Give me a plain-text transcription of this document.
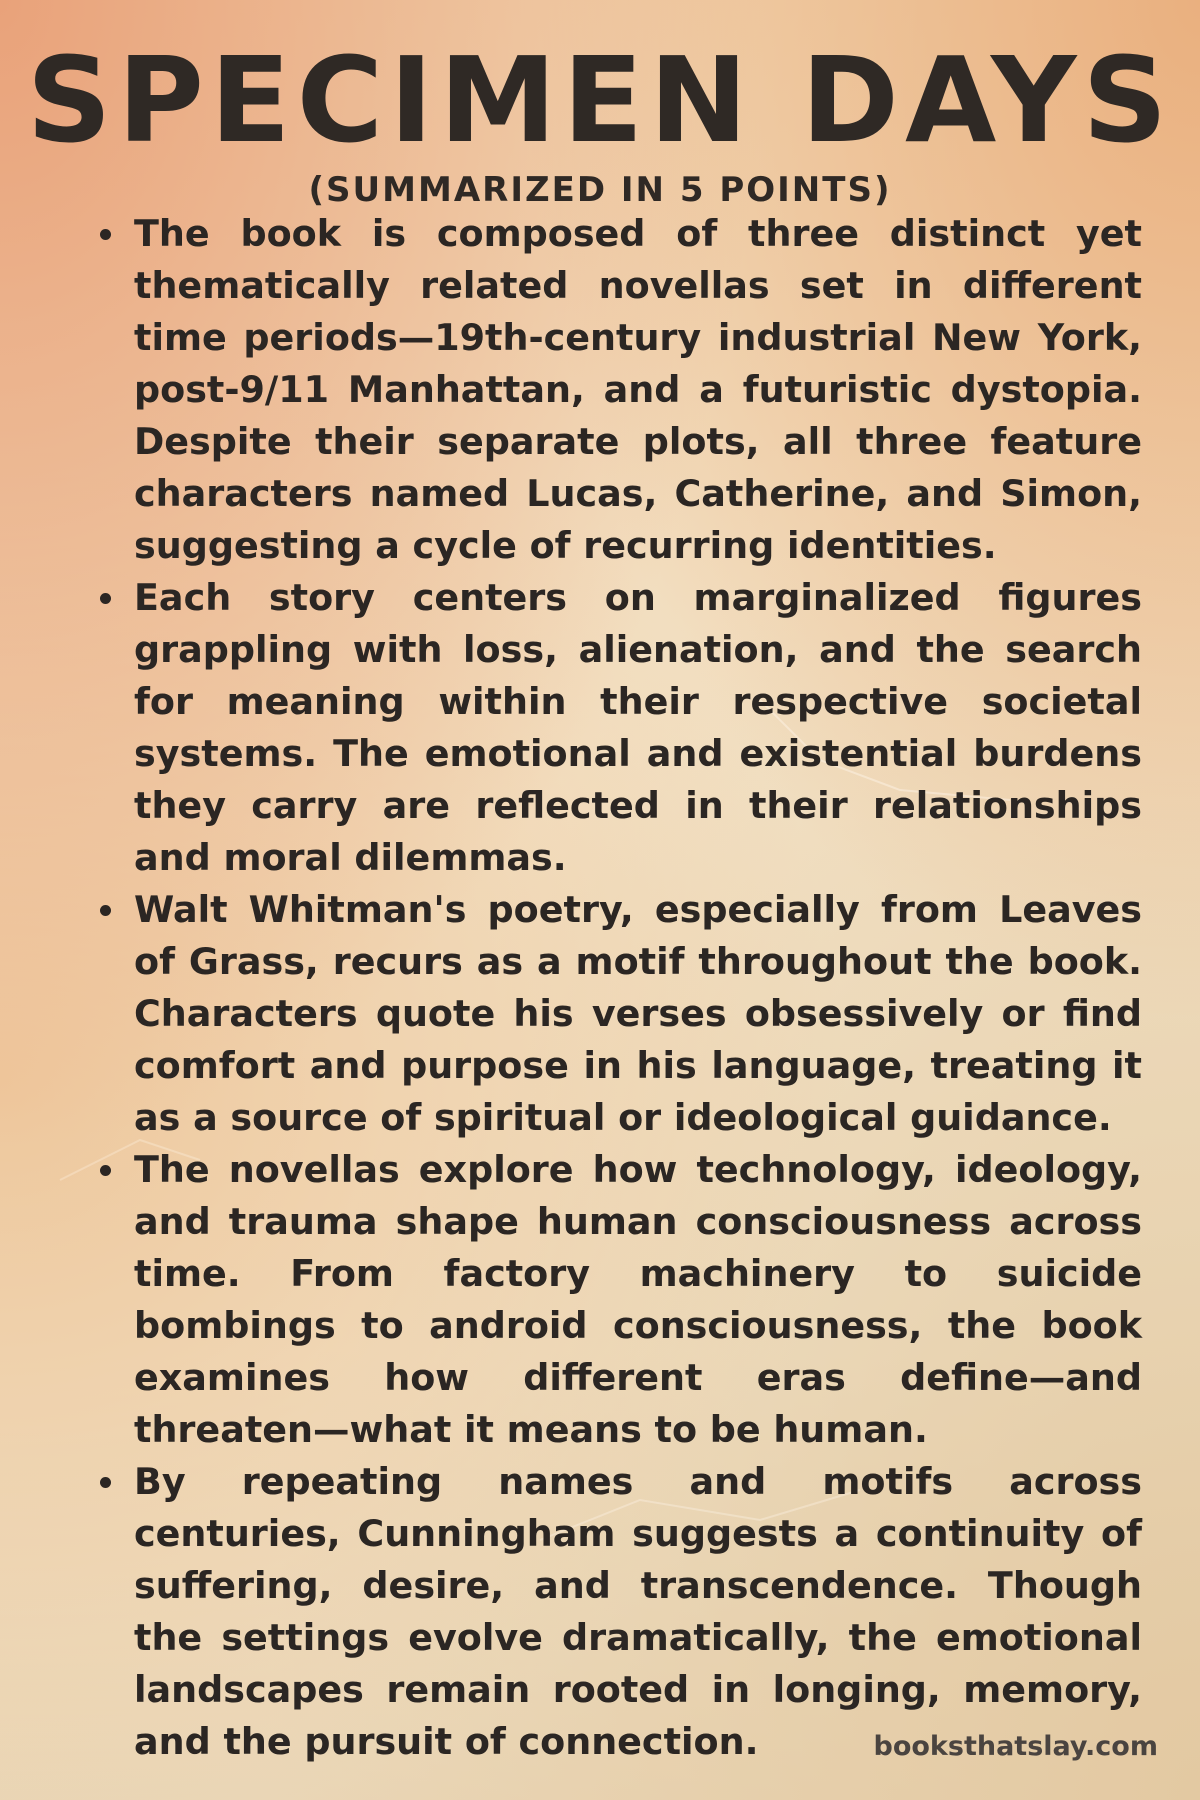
SPECIMEN DAYS

(SUMMARIZED IN 5 POINTS)

The book is composed of three distinct yet thematically related novellas set in different time periods—19th-century industrial New York, post-9/11 Manhattan, and a futuristic dystopia. Despite their separate plots, all three feature characters named Lucas, Catherine, and Simon, suggesting a cycle of recurring identities.
Each story centers on marginalized figures grappling with loss, alienation, and the search for meaning within their respective societal systems. The emotional and existential burdens they carry are reflected in their relationships and moral dilemmas.
Walt Whitman's poetry, especially from Leaves of Grass, recurs as a motif throughout the book. Characters quote his verses obsessively or find comfort and purpose in his language, treating it as a source of spiritual or ideological guidance.
The novellas explore how technology, ideology, and trauma shape human consciousness across time. From factory machinery to suicide bombings to android consciousness, the book examines how different eras define—and threaten—what it means to be human.
By repeating names and motifs across centuries, Cunningham suggests a continuity of suffering, desire, and transcendence. Though the settings evolve dramatically, the emotional landscapes remain rooted in longing, memory, and the pursuit of connection.	booksthatslay.com
